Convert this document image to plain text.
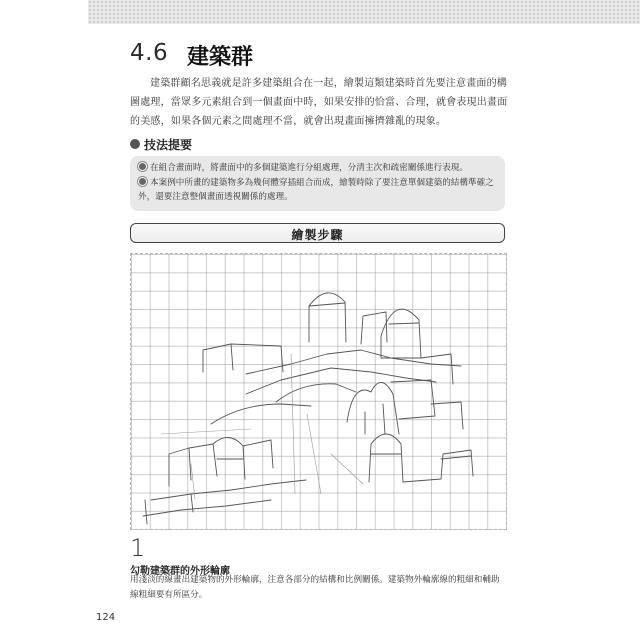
4.6 建築群

建築群顧名思義就是許多建築組合在一起，繪製這類建築時首先要注意畫面的構圖處理，當眾多元素組合到一個畫面中時，如果安排的恰當、合理，就會表現出畫面的美感，如果各個元素之間處理不當，就會出現畫面擁擠雜亂的現象。

技法提要
在組合畫面時，將畫面中的多個建築進行分組處理，分清主次和疏密關係進行表現。
本案例中所畫的建築物多為幾何體穿插組合而成，繪製時除了要注意單個建築的結構準確之外，還要注意整個畫面透視關係的處理。
繪製步驟
1
勾勒建築群的外形輪廓

用淺淡的線畫出建築物的外形輪廓，注意各部分的結構和比例關係。建築物外輪廓線的粗細和輔助線粗細要有所區分。

124
